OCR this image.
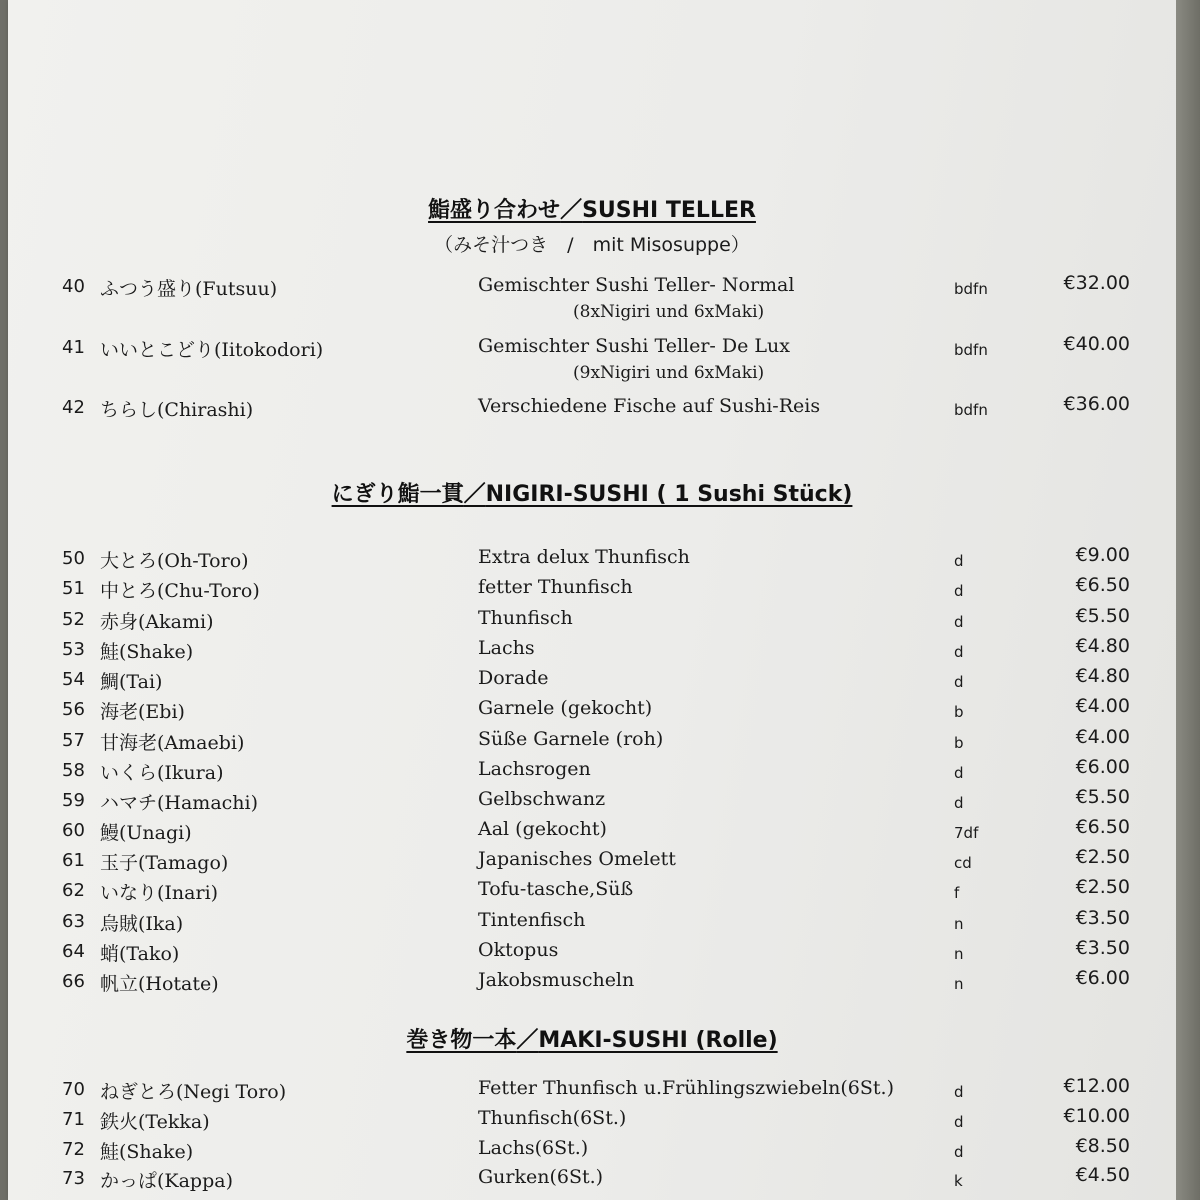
鮨盛り合わせ／SUSHI TELLER
（みそ汁つき　/　mit Misosuppe）
40 ふつう盛り(Futsuu)	Gemischter Sushi Teller- Normal
(8xNigiri und 6xMaki)
bdfn	€32.00
41 いいとこどり(Iitokodori)	Gemischter Sushi Teller- De Lux
(9xNigiri und 6xMaki)
bdfn	€40.00
42 ちらし(Chirashi)	Verschiedene Fische auf Sushi-Reis	bdfn	€36.00
にぎり鮨一貫／NIGIRI-SUSHI ( 1 Sushi Stück)
50 大とろ(Oh-Toro)	Extra delux Thunfisch	d	€9.00
51 中とろ(Chu-Toro)	fetter Thunfisch	d	€6.50
52 赤身(Akami)	Thunfisch	d	€5.50
53 鮭(Shake)	Lachs	d	€4.80
54 鯛(Tai)	Dorade	d	€4.80
56 海老(Ebi)	Garnele (gekocht)	b	€4.00
57 甘海老(Amaebi)	Süße Garnele (roh)	b	€4.00
58 いくら(Ikura)	Lachsrogen	d	€6.00
59 ハマチ(Hamachi)	Gelbschwanz	d	€5.50
60 鰻(Unagi)	Aal (gekocht)	7df	€6.50
61 玉子(Tamago)	Japanisches Omelett	cd	€2.50
62 いなり(Inari)	Tofu-tasche,Süß	f	€2.50
63 烏賊(Ika)	Tintenfisch	n	€3.50
64 蛸(Tako)	Oktopus	n	€3.50
66 帆立(Hotate)	Jakobsmuscheln	n	€6.00
巻き物一本／MAKI-SUSHI (Rolle)
70 ねぎとろ(Negi Toro)	Fetter Thunfisch u.Frühlingszwiebeln(6St.)	d	€12.00
71 鉄火(Tekka)	Thunfisch(6St.)	d	€10.00
72 鮭(Shake)	Lachs(6St.)	d	€8.50
73 かっぱ(Kappa)	Gurken(6St.)	k	€4.50
